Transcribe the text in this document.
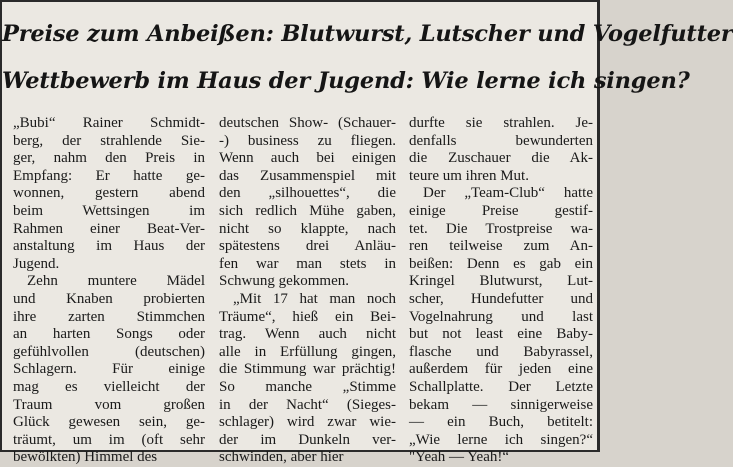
Preise zum Anbeißen: Blutwurst, Lutscher und Vogelfutter
Wettbewerb im Haus der Jugend: Wie lerne ich singen?

„Bubi“ Rainer Schmidt-
berg, der strahlende Sie-
ger, nahm den Preis in
Empfang: Er hatte ge-
wonnen, gestern abend
beim Wettsingen im
Rahmen einer Beat-Ver-
anstaltung im Haus der
Jugend.

Zehn muntere Mädel
und Knaben probierten
ihre zarten Stimmchen
an harten Songs oder
gefühlvollen (deutschen)
Schlagern. Für einige
mag es vielleicht der
Traum vom großen
Glück gewesen sein, ge-
träumt, um im (oft sehr
bewölkten) Himmel des

deutschen Show- (Schauer-
-) business zu fliegen.
Wenn auch bei einigen
das Zusammenspiel mit
den „silhouettes“, die
sich redlich Mühe gaben,
nicht so klappte, nach
spätestens drei Anläu-
fen war man stets in
Schwung gekommen.

„Mit 17 hat man noch
Träume“, hieß ein Bei-
trag. Wenn auch nicht
alle in Erfüllung gingen,
die Stimmung war prächtig!
So manche „Stimme
in der Nacht“ (Sieges-
schlager) wird zwar wie-
der im Dunkeln ver-
schwinden, aber hier

durfte sie strahlen. Je-
denfalls bewunderten
die Zuschauer die Ak-
teure um ihren Mut.

Der „Team-Club“ hatte
einige Preise gestif-
tet. Die Trostpreise wa-
ren teilweise zum An-
beißen: Denn es gab ein
Kringel Blutwurst, Lut-
scher, Hundefutter und
Vogelnahrung und last
but not least eine Baby-
flasche und Babyrassel,
außerdem für jeden eine
Schallplatte. Der Letzte
bekam — sinnigerweise
— ein Buch, betitelt:
„Wie lerne ich singen?“
"Yeah — Yeah!“
